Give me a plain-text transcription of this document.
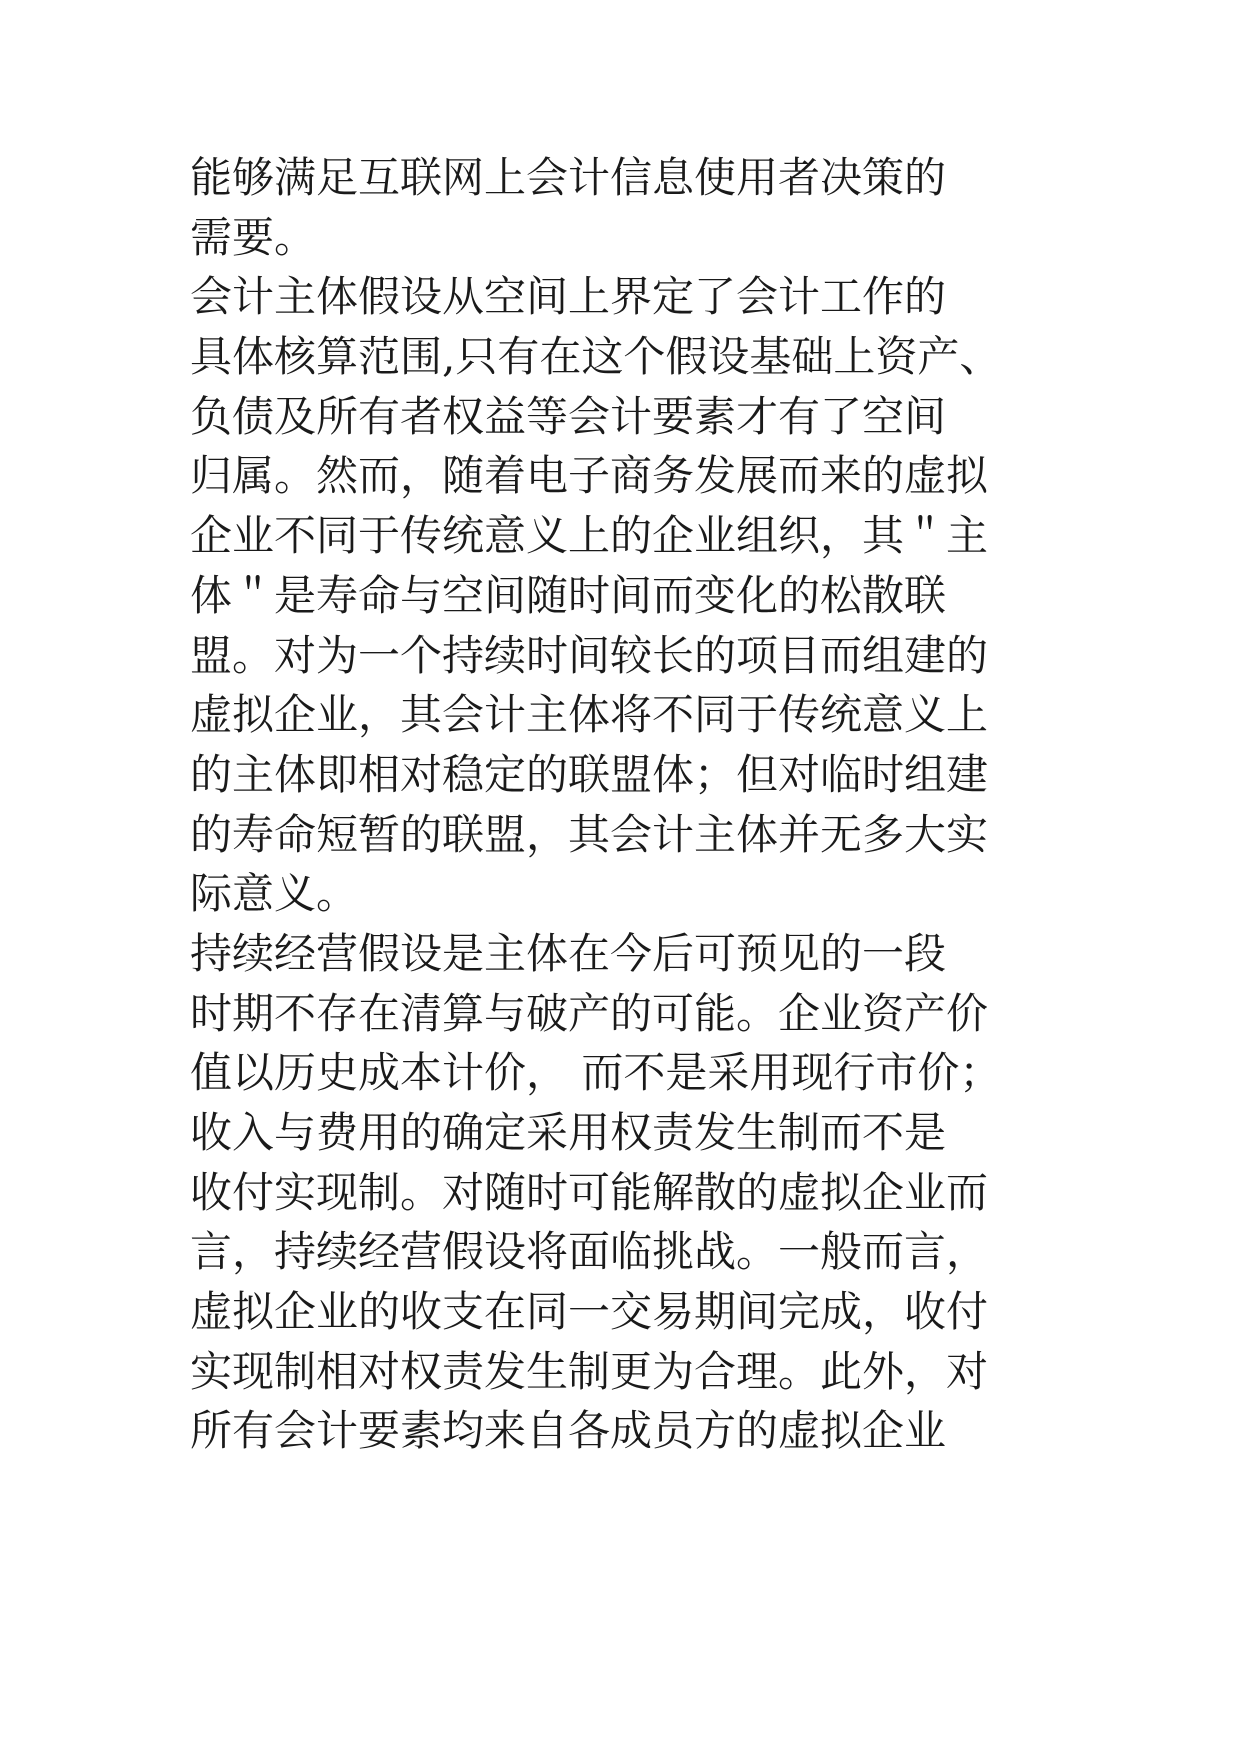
能够满足互联网上会计信息使用者决策的
需要。
会计主体假设从空间上界定了会计工作的
具体核算范围,只有在这个假设基础上资产、
负债及所有者权益等会计要素才有了空间
归属。然而，随着电子商务发展而来的虚拟
企业不同于传统意义上的企业组织，其＂主
体＂是寿命与空间随时间而变化的松散联
盟。对为一个持续时间较长的项目而组建的
虚拟企业，其会计主体将不同于传统意义上
的主体即相对稳定的联盟体；但对临时组建
的寿命短暂的联盟，其会计主体并无多大实
际意义。
持续经营假设是主体在今后可预见的一段
时期不存在清算与破产的可能。企业资产价
值以历史成本计价， 而不是采用现行市价；
收入与费用的确定采用权责发生制而不是
收付实现制。对随时可能解散的虚拟企业而
言，持续经营假设将面临挑战。一般而言，
虚拟企业的收支在同一交易期间完成，收付
实现制相对权责发生制更为合理。此外，对
所有会计要素均来自各成员方的虚拟企业
